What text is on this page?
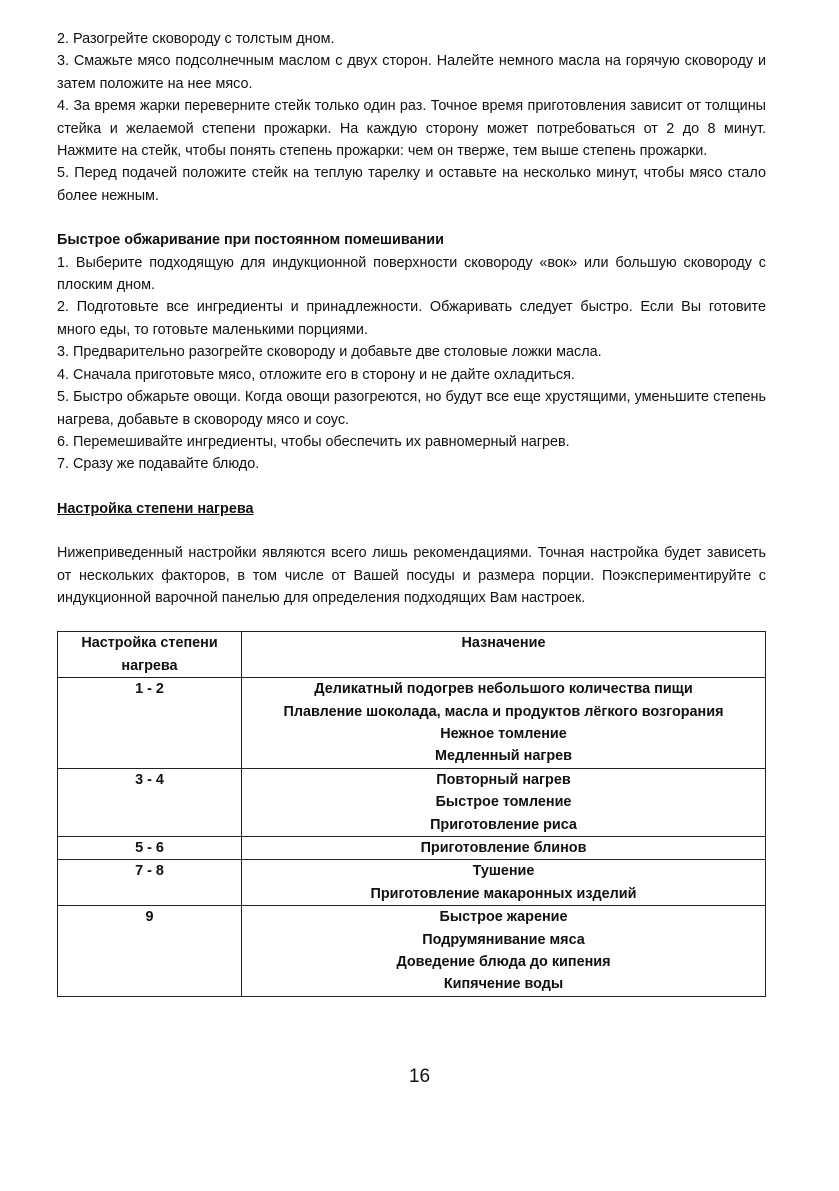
2. Разогрейте сковороду с толстым дном.

3. Смажьте мясо подсолнечным маслом с двух сторон. Налейте немного масла на горячую сковороду и затем положите на нее мясо.

4. За время жарки переверните стейк только один раз. Точное время приготовления зависит от толщины стейка и желаемой степени прожарки. На каждую сторону может потребоваться от 2 до 8 минут. Нажмите на стейк, чтобы понять степень прожарки: чем он тверже, тем выше степень прожарки.

5. Перед подачей положите стейк на теплую тарелку и оставьте на несколько минут, чтобы мясо стало более нежным.

Быстрое обжаривание при постоянном помешивании

1. Выберите подходящую для индукционной поверхности сковороду «вок» или большую сковороду с плоским дном.

2. Подготовьте все ингредиенты и принадлежности. Обжаривать следует быстро. Если Вы готовите много еды, то готовьте маленькими порциями.

3. Предварительно разогрейте сковороду и добавьте две столовые ложки масла.

4. Сначала приготовьте мясо, отложите его в сторону и не дайте охладиться.

5. Быстро обжарьте овощи. Когда овощи разогреются, но будут все еще хрустящими, уменьшите степень нагрева, добавьте в сковороду мясо и соус.

6. Перемешивайте ингредиенты, чтобы обеспечить их равномерный нагрев.

7. Сразу же подавайте блюдо.

Настройка степени нагрева

Нижеприведенный настройки являются всего лишь рекомендациями. Точная настройка будет зависеть от нескольких факторов, в том числе от Вашей посуды и размера порции. Поэкспериментируйте с индукционной варочной панелью для определения подходящих Вам настроек.

Настройка степени нагрева	Назначение
1 - 2	Деликатный подогрев небольшого количества пищи
Плавление шоколада, масла и продуктов лёгкого возгорания
Нежное томление
Медленный нагрев

3 - 4	Повторный нагрев
Быстрое томление
Приготовление риса

5 - 6	Приготовление блинов

7 - 8	Тушение
Приготовление макаронных изделий

9	Быстрое жарение
Подрумянивание мяса
Доведение блюда до кипения
Кипячение воды
16
